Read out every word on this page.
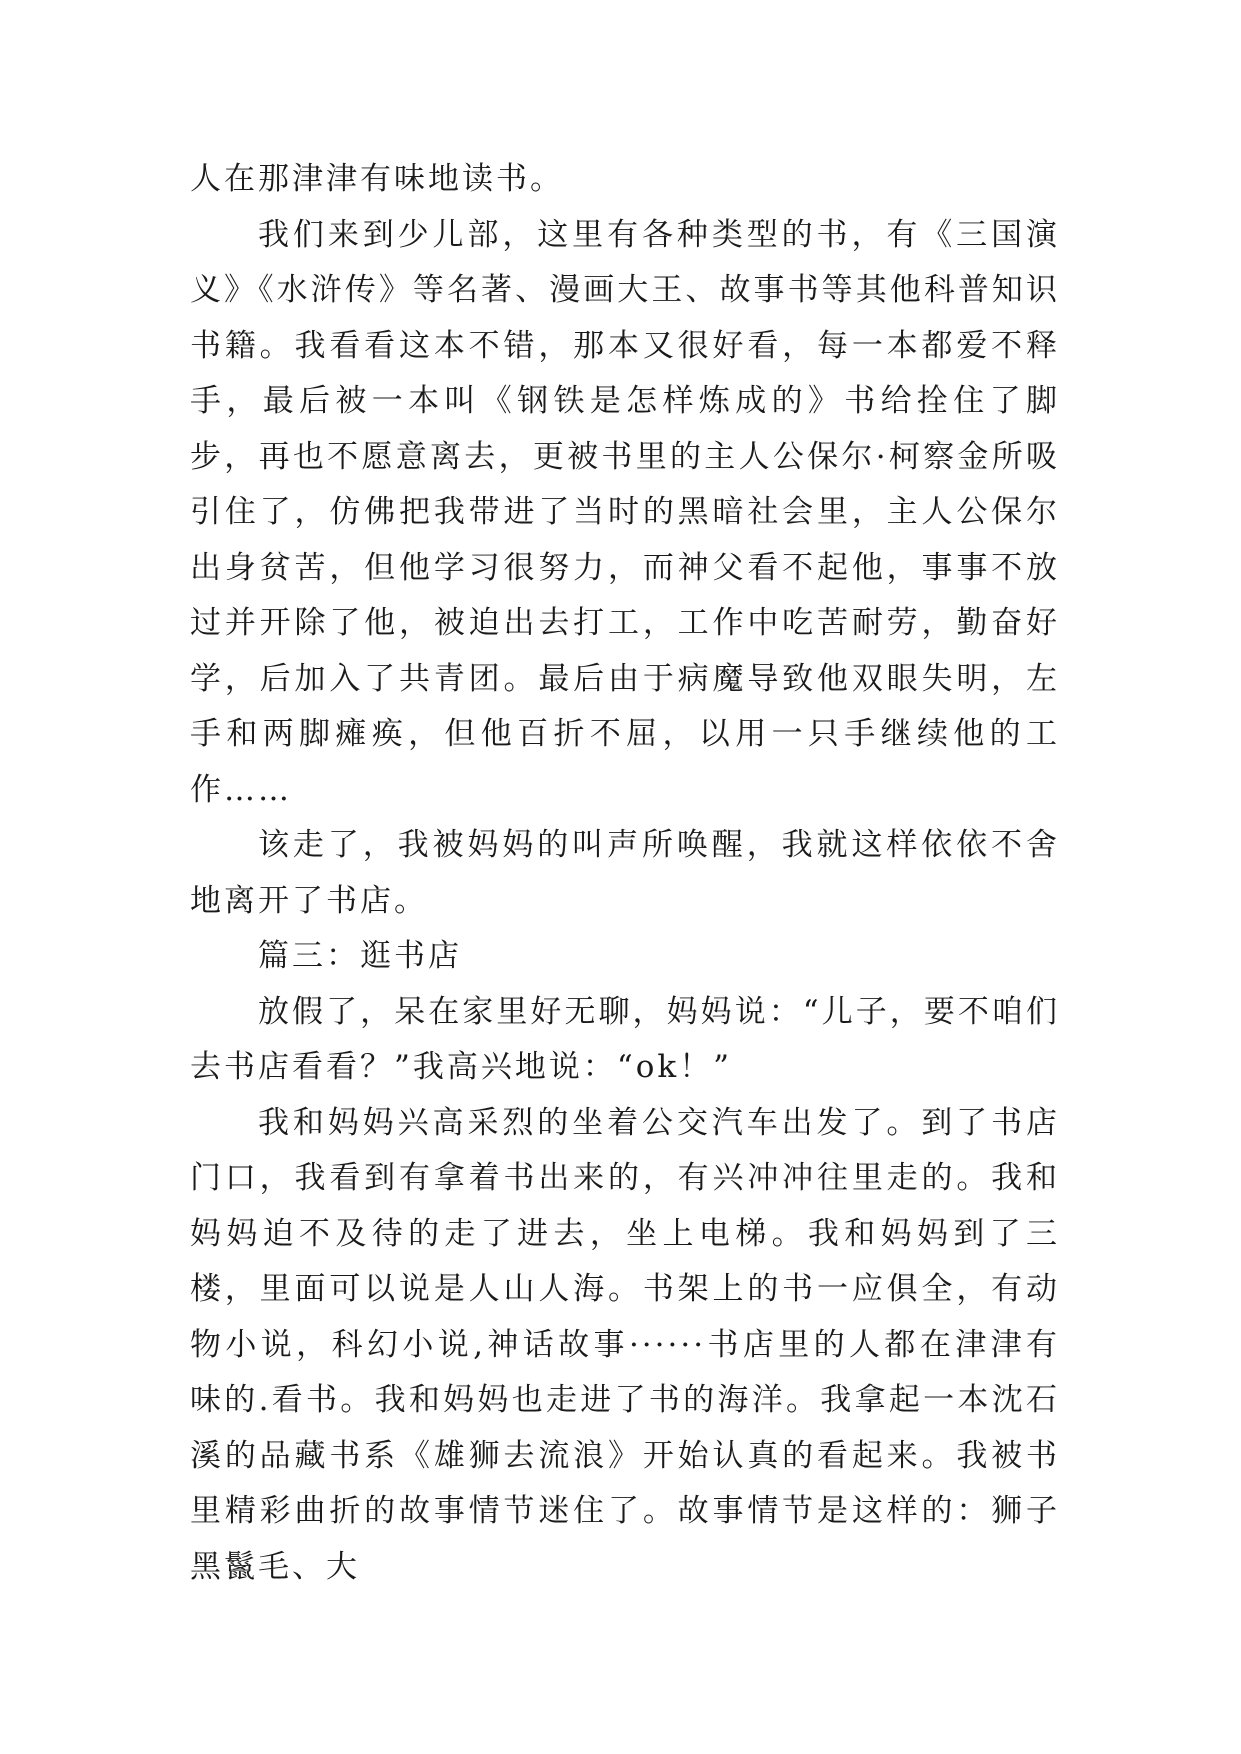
人在那津津有味地读书。

我们来到少儿部，这里有各种类型的书，有《三国演义》《水浒传》等名著、漫画大王、故事书等其他科普知识书籍。我看看这本不错，那本又很好看，每一本都爱不释手，最后被一本叫《钢铁是怎样炼成的》书给拴住了脚步，再也不愿意离去，更被书里的主人公保尔·柯察金所吸引住了，仿佛把我带进了当时的黑暗社会里，主人公保尔出身贫苦，但他学习很努力，而神父看不起他，事事不放过并开除了他，被迫出去打工，工作中吃苦耐劳，勤奋好学，后加入了共青团。最后由于病魔导致他双眼失明，左手和两脚瘫痪，但他百折不屈，以用一只手继续他的工作……

该走了，我被妈妈的叫声所唤醒，我就这样依依不舍地离开了书店。

篇三：逛书店

放假了，呆在家里好无聊，妈妈说：“儿子，要不咱们去书店看看？”我高兴地说：“ok！”

我和妈妈兴高采烈的坐着公交汽车出发了。到了书店门口，我看到有拿着书出来的，有兴冲冲往里走的。我和妈妈迫不及待的走了进去，坐上电梯。我和妈妈到了三楼，里面可以说是人山人海。书架上的书一应俱全，有动物小说，科幻小说,神话故事······书店里的人都在津津有味的.看书。我和妈妈也走进了书的海洋。我拿起一本沈石溪的品藏书系《雄狮去流浪》开始认真的看起来。我被书里精彩曲折的故事情节迷住了。故事情节是这样的：狮子黑鬣毛、大
